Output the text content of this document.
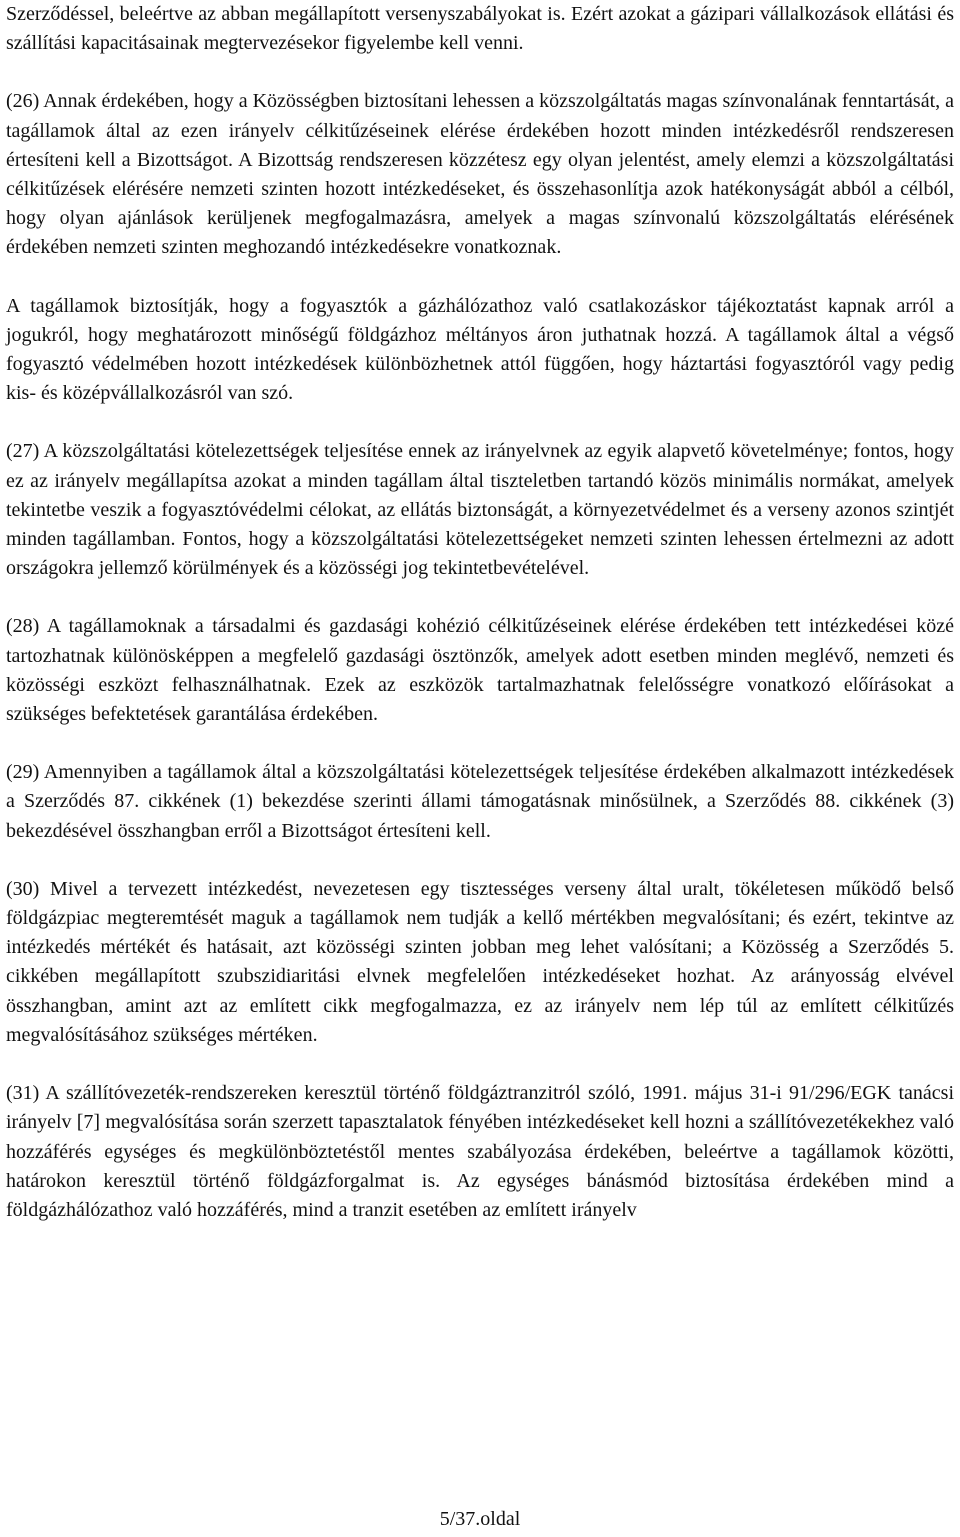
Szerződéssel, beleértve az abban megállapított versenyszabályokat is. Ezért azokat a gázipari vállalkozások ellátási és szállítási kapacitásainak megtervezésekor figyelembe kell venni.

(26) Annak érdekében, hogy a Közösségben biztosítani lehessen a közszolgáltatás magas színvonalának fenntartását, a tagállamok által az ezen irányelv célkitűzéseinek elérése érdekében hozott minden intézkedésről rendszeresen értesíteni kell a Bizottságot. A Bizottság rendszeresen közzétesz egy olyan jelentést, amely elemzi a közszolgáltatási célkitűzések elérésére nemzeti szinten hozott intézkedéseket, és összehasonlítja azok hatékonyságát abból a célból, hogy olyan ajánlások kerüljenek megfogalmazásra, amelyek a magas színvonalú közszolgáltatás elérésének érdekében nemzeti szinten meghozandó intézkedésekre vonatkoznak.

A tagállamok biztosítják, hogy a fogyasztók a gázhálózathoz való csatlakozáskor tájékoztatást kapnak arról a jogukról, hogy meghatározott minőségű földgázhoz méltányos áron juthatnak hozzá. A tagállamok által a végső fogyasztó védelmében hozott intézkedések különbözhetnek attól függően, hogy háztartási fogyasztóról vagy pedig kis- és középvállalkozásról van szó.

(27) A közszolgáltatási kötelezettségek teljesítése ennek az irányelvnek az egyik alapvető követelménye; fontos, hogy ez az irányelv megállapítsa azokat a minden tagállam által tiszteletben tartandó közös minimális normákat, amelyek tekintetbe veszik a fogyasztóvédelmi célokat, az ellátás biztonságát, a környezetvédelmet és a verseny azonos szintjét minden tagállamban. Fontos, hogy a közszolgáltatási kötelezettségeket nemzeti szinten lehessen értelmezni az adott országokra jellemző körülmények és a közösségi jog tekintetbevételével.

(28) A tagállamoknak a társadalmi és gazdasági kohézió célkitűzéseinek elérése érdekében tett intézkedései közé tartozhatnak különösképpen a megfelelő gazdasági ösztönzők, amelyek adott esetben minden meglévő, nemzeti és közösségi eszközt felhasználhatnak. Ezek az eszközök tartalmazhatnak felelősségre vonatkozó előírásokat a szükséges befektetések garantálása érdekében.

(29) Amennyiben a tagállamok által a közszolgáltatási kötelezettségek teljesítése érdekében alkalmazott intézkedések a Szerződés 87. cikkének (1) bekezdése szerinti állami támogatásnak minősülnek, a Szerződés 88. cikkének (3) bekezdésével összhangban erről a Bizottságot értesíteni kell.

(30) Mivel a tervezett intézkedést, nevezetesen egy tisztességes verseny által uralt, tökéletesen működő belső földgázpiac megteremtését maguk a tagállamok nem tudják a kellő mértékben megvalósítani; és ezért, tekintve az intézkedés mértékét és hatásait, azt közösségi szinten jobban meg lehet valósítani; a Közösség a Szerződés 5. cikkében megállapított szubszidiaritási elvnek megfelelően intézkedéseket hozhat. Az arányosság elvével összhangban, amint azt az említett cikk megfogalmazza, ez az irányelv nem lép túl az említett célkitűzés megvalósításához szükséges mértéken.

(31) A szállítóvezeték-rendszereken keresztül történő földgáztranzitról szóló, 1991. május 31-i 91/296/EGK tanácsi irányelv [7] megvalósítása során szerzett tapasztalatok fényében intézkedéseket kell hozni a szállítóvezetékekhez való hozzáférés egységes és megkülönböztetéstől mentes szabályozása érdekében, beleértve a tagállamok közötti, határokon keresztül történő földgázforgalmat is. Az egységes bánásmód biztosítása érdekében mind a földgázhálózathoz való hozzáférés, mind a tranzit esetében az említett irányelv

5/37.oldal
